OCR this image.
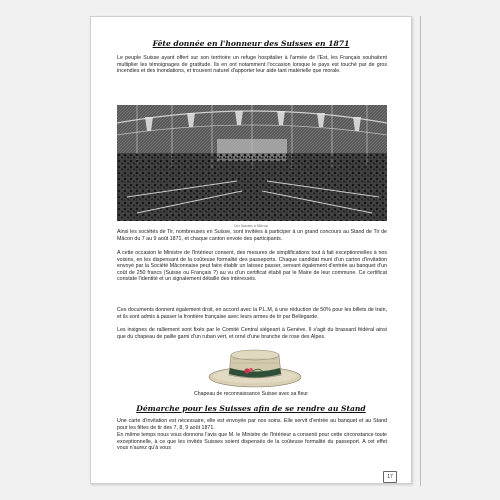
Fête donnée en l'honneur des Suisses en 1871

Le peuple Suisse ayant offert sur son territoire un refuge hospitalier à l'armée de l'Est, les Français souhaitent multiplier les témoignages de gratitude. Ils en ont notamment l'occasion lorsque le pays est touché par de gros incendies et des inondations, et trouvent naturel d'apporter leur aide tant matérielle que morale.

Les Suisses à Mâcon

Ainsi les sociétés de Tir, nombreuses en Suisse, sont invitées à participer à un grand concours au Stand de Tir de Mâcon du 7 au 9 août 1871, et chaque canton envoie des participants.

A cette occasion le Ministre de l'Intérieur consent, des mesures de simplifications tout à fait exceptionnelles à nos voisins, en les dispensant de la coûteuse formalité des passeports. Chaque candidat muni d'un carton d'invitation envoyé par la Société Mâconnaise peut faire établir un laissez passer, servant également d'entrée au banquet d'un coût de 250 francs (Suisse ou Français ?) au vu d'un certificat établi par le Maire de leur commune. Ce certificat constate l'identité et un signalement détaillé des intéressés.

Ces documents donnent également droit, en accord avec la P.L.M, à une réduction de 50% pour les billets de train, et ils sont admis à passer la frontière française avec leurs armes de tir par Bellegarde.

Les insignes de ralliement sont fixés par le Comité Central siégeant à Genève. Il s'agit du brassard fédéral ainsi que du chapeau de paille garni d'un ruban vert, et orné d'une branche de rose des Alpes.

Chapeau de reconnaissance Suisse avec sa fleur
Démarche pour les Suisses afin de se rendre au Stand

Une carte d'invitation est nécessaire, elle est envoyée par nos soins. Elle servit d'entrée au banquet et au Stand pour les fêtes de tir des 7, 8, 9 août 1871.

En même temps nous vous donnons l'avis que M. le Ministre de l'Intérieur a consenti pour cette circonstance toute exceptionnelle, à ce que les invités Suisses soient dispensés de la coûteuse formalité du passeport. A cet effet vous n'aurez qu'à vous

17
